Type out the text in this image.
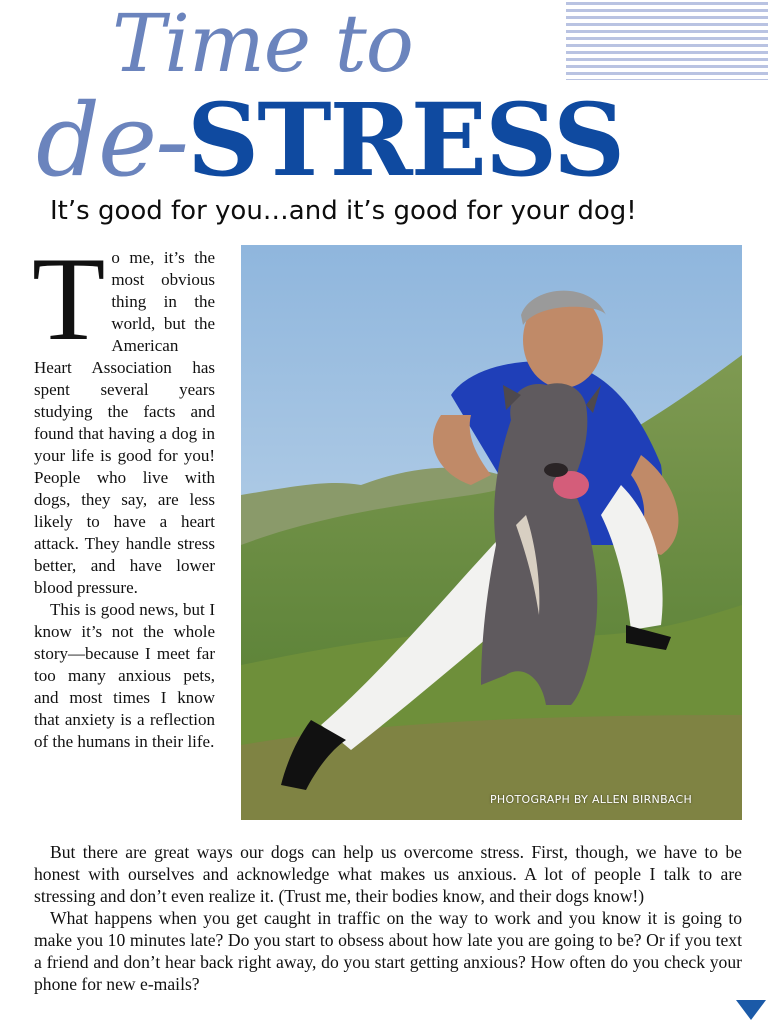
Time to
de-STRESS
It’s good for you…and it’s good for your dog!
PHOTOGRAPH BY ALLEN BIRNBACH
T o me, it’s the most obvious thing in the world, but the American Heart Association has spent several years studying the facts and found that having a dog in your life is good for you! People who live with dogs, they say, are less likely to have a heart attack. They handle stress better, and have lower blood pressure.

This is good news, but I know it’s not the whole story—because I meet far too many anxious pets, and most times I know that anxiety is a reflection of the humans in their life.

But there are great ways our dogs can help us overcome stress. First, though, we have to be honest with ourselves and acknowledge what makes us anxious. A lot of people I talk to are stressing and don’t even realize it. (Trust me, their bodies know, and their dogs know!)

What happens when you get caught in traffic on the way to work and you know it is going to make you 10 minutes late? Do you start to obsess about how late you are going to be? Or if you text a friend and don’t hear back right away, do you start getting anxious? How often do you check your phone for new e-mails?
